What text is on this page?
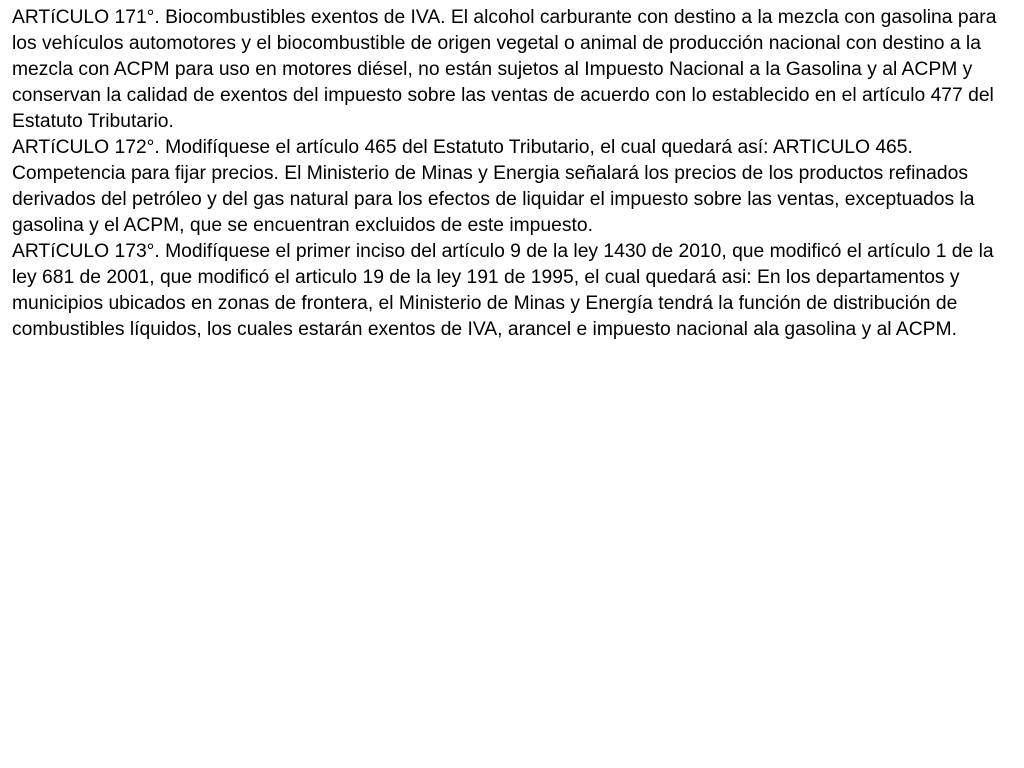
ARTíCULO 171°. Biocombustibles exentos de IVA. El alcohol carburante con destino a la mezcla con gasolina para los vehículos automotores y el biocombustible de origen vegetal o animal de producción nacional con destino a la mezcla con ACPM para uso en motores diésel, no están sujetos al Impuesto Nacional a la Gasolina y al ACPM y conservan la calidad de exentos del impuesto sobre las ventas de acuerdo con lo establecido en el artículo 477 del Estatuto Tributario.

ARTíCULO 172°. Modifíquese el artículo 465 del Estatuto Tributario, el cual quedará así: ARTICULO 465. Competencia para fijar precios. El Ministerio de Minas y Energia señalará los precios de los productos refinados derivados del petróleo y del gas natural para los efectos de liquidar el impuesto sobre las ventas, exceptuados la gasolina y el ACPM, que se encuentran excluidos de este impuesto.

ARTíCULO 173°. Modifíquese el primer inciso del artículo 9 de la ley 1430 de 2010, que modificó el artículo 1 de la ley 681 de 2001, que modificó el articulo 19 de la ley 191 de 1995, el cual quedará asi: En los departamentos y municipios ubicados en zonas de frontera, el Ministerio de Minas y Energía tendrá la función de distribución de combustibles líquidos, los cuales estarán exentos de IVA, arancel e impuesto nacional ala gasolina y al ACPM.
